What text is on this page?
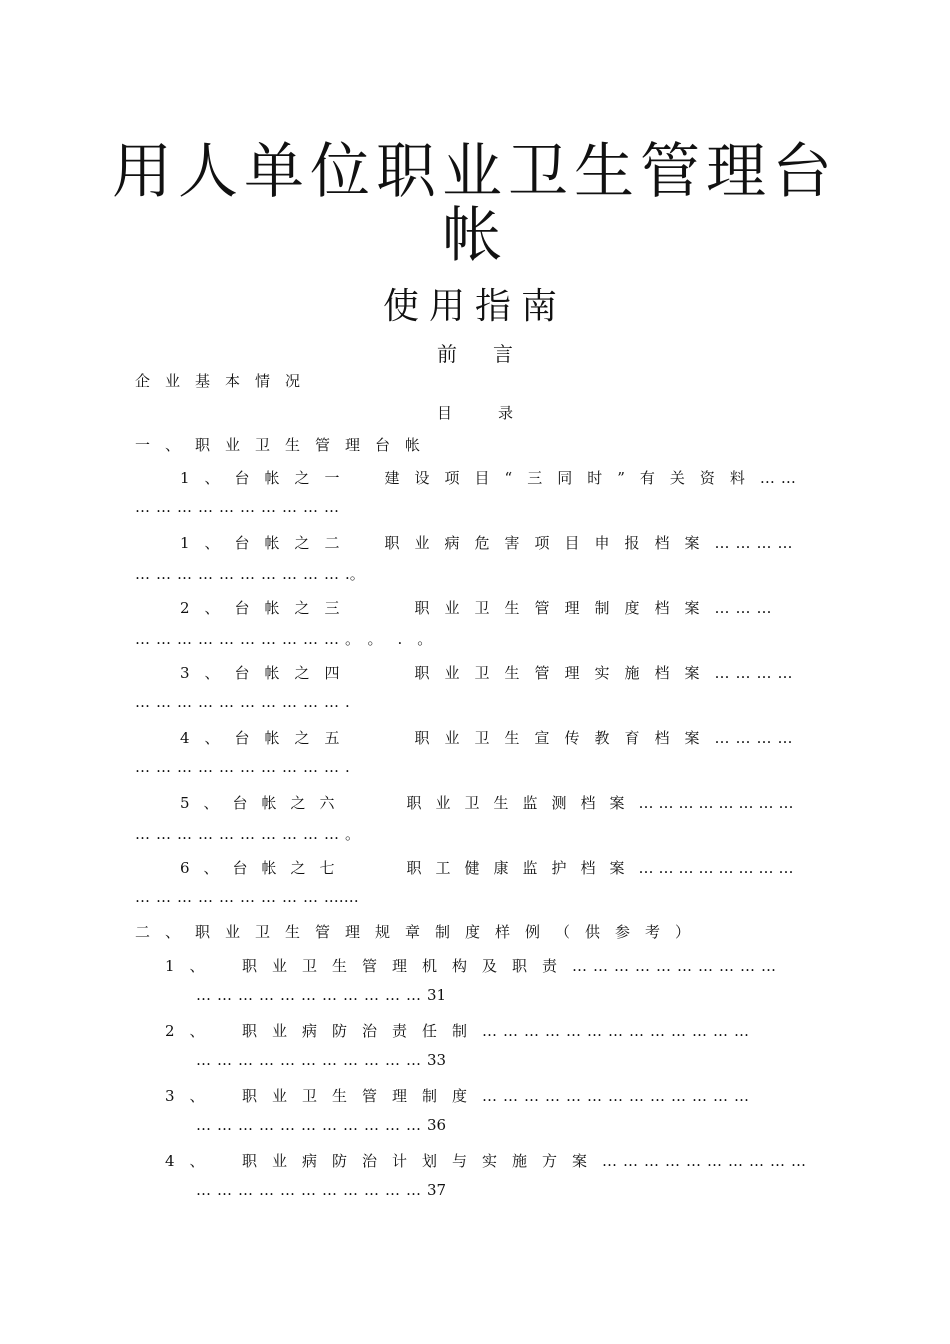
用人单位职业卫生管理台
帐
使用指南
前言
企业基本情况
目录
一、职业卫生管理台帐
1、台帐之一　建设项目“三同时”有关资料……
…………………………
1、台帐之二　职业病危害项目申报档案…………
………………………….。
2、台帐之三　　职业卫生管理制度档案………
…………………………。。.。
3、台帐之四　　职业卫生管理实施档案…………
………………………….
4、台帐之五　　职业卫生宣传教育档案…………
………………………….
5、台帐之六　　职业卫生监测档案……………………
…………………………。
6、台帐之七　　职工健康监护档案……………………
……………………….……
二、职业卫生管理规章制度样例（供参考）
1、　职业卫生管理机构及职责…………………………
……………………………31
2、　职业病防治责任制…………………………………
……………………………33
3、　职业卫生管理制度…………………………………
……………………………36
4、　职业病防治计划与实施方案…………………………
……………………………37
